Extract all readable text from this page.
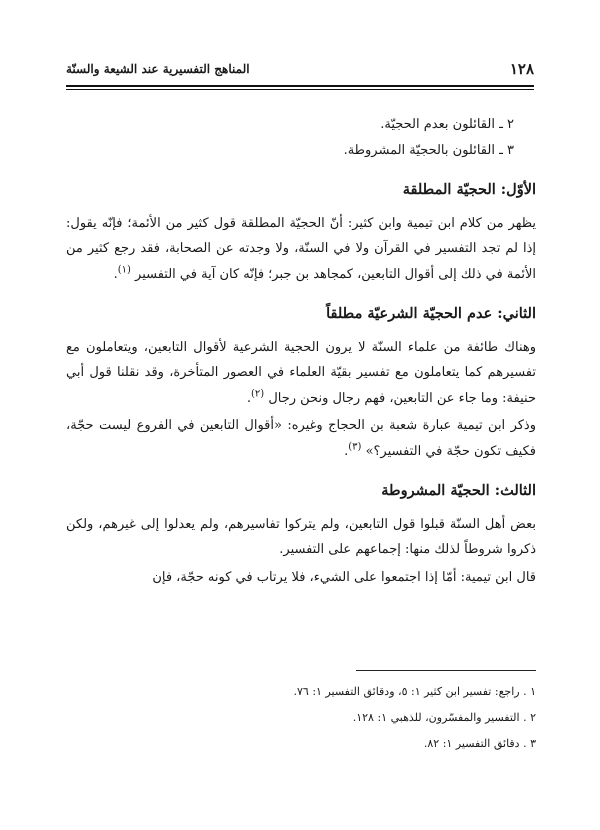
١٢٨
المناهج التفسيرية عند الشيعة والسنّة
٢ ـ القائلون بعدم الحجيّة.
٣ ـ القائلون بالحجيّة المشروطة.
الأوّل: الحجيّة المطلقة

يظهر من كلام ابن تيمية وابن كثير: أنّ الحجيّة المطلقة قول كثير من الأئمة؛ فإنّه يقول: إذا لم تجد التفسير في القرآن ولا في السنّة، ولا وجدته عن الصحابة، فقد رجع كثير من الأئمة في ذلك إلى أقوال التابعين، كمجاهد بن جبر؛ فإنّه كان آية في التفسير $^{(١)}$.

الثاني: عدم الحجيّة الشرعيّة مطلقاً

وهناك طائفة من علماء السنّة لا يرون الحجية الشرعية لأقوال التابعين، ويتعاملون مع تفسيرهم كما يتعاملون مع تفسير بقيّة العلماء في العصور المتأخرة، وقد نقلنا قول أبي حنيفة: وما جاء عن التابعين، فهم رجال ونحن رجال $^{(٢)}$.

وذكر ابن تيمية عبارة شعبة بن الحجاج وغيره: «أقوال التابعين في الفروع ليست حجّة، فكيف تكون حجّة في التفسير؟» $^{(٣)}$.

الثالث: الحجيّة المشروطة

بعض أهل السنّة قبلوا قول التابعين، ولم يتركوا تفاسيرهم، ولم يعدلوا إلى غيرهم، ولكن ذكروا شروطاً لذلك منها: إجماعهم على التفسير.

قال ابن تيمية: أمّا إذا اجتمعوا على الشيء، فلا يرتاب في كونه حجّة، فإن

١ . راجع: تفسير ابن كثير ١: ٥، ودقائق التفسير ١: ٧٦.
٢ . التفسير والمفسّرون، للذهبي ١: ١٢٨.
٣ . دقائق التفسير ١: ٨٢.
